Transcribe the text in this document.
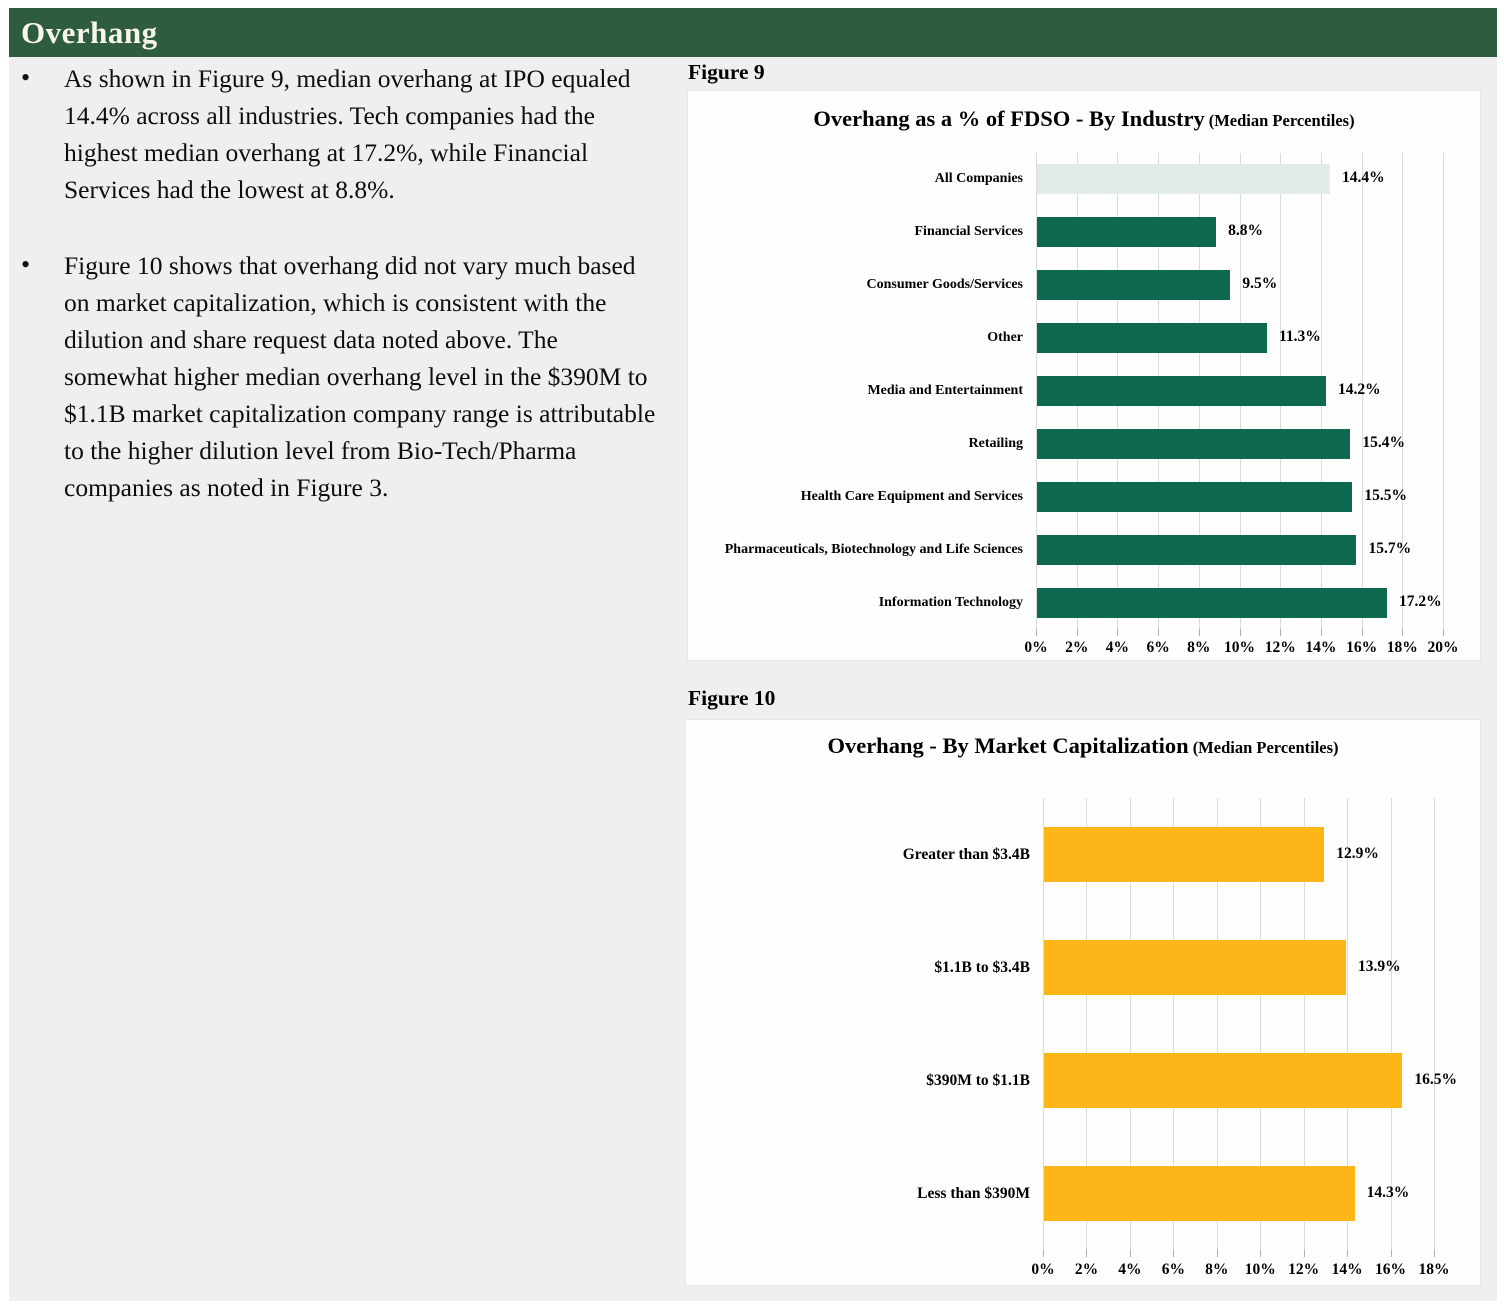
Overhang
• As shown in Figure 9, median overhang at IPO equaled 14.4% across all industries. Tech companies had the highest median overhang at 17.2%, while Financial Services had the lowest at 8.8%.
• Figure 10 shows that overhang did not vary much based on market capitalization, which is consistent with the dilution and share request data noted above. The somewhat higher median overhang level in the $390M to $1.1B market capitalization company range is attributable to the higher dilution level from Bio-Tech/Pharma companies as noted in Figure 3.
Figure 9
Overhang as a % of FDSO - By Industry (Median Percentiles)
0%	2%	4%	6%	8% 10% 12% 14% 16% 18% 20%
All Companies	14.4%
Financial Services	8.8%
Consumer Goods/Services	9.5%
Other	11.3%
Media and Entertainment	14.2%
Retailing	15.4%
Health Care Equipment and Services	15.5%
Pharmaceuticals, Biotechnology and Life Sciences	15.7%
Information Technology	17.2%
Figure 10
Overhang - By Market Capitalization (Median Percentiles)
0%	2%	4%	6%	8%	10% 12% 14% 16% 18%
Greater than $3.4B	12.9%
$1.1B to $3.4B	13.9%
$390M to $1.1B	16.5%
Less than $390M	14.3%
